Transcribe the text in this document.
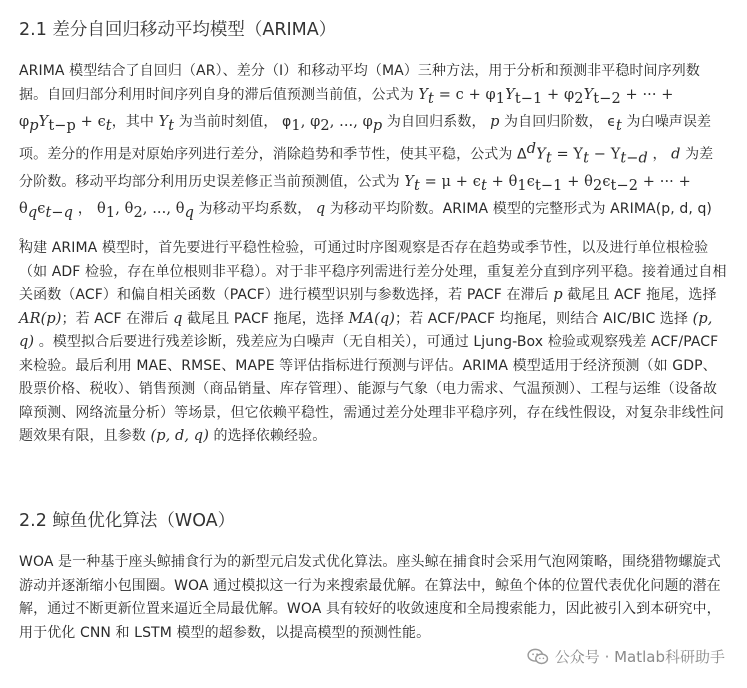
2.1 差分自回归移动平均模型（ARIMA）
ARIMA 模型结合了自回归（AR）、差分（I）和移动平均（MA）三种方法，用于分析和预测非平稳时间序列数据。自回归部分利用时间序列自身的滞后值预测当前值，公式为 $Y_t = c + \varphi_1Y_{t-1} + \varphi_2Y_{t-2}$ + ··· + $\varphi_pY_{t-p} + \epsilon_t$，其中 $Y_t$ 为当前时刻值， $\varphi_1$, $\varphi_2$, ..., $\varphi_p$ 为自回归系数， p 为自回归阶数， $\epsilon_t$ 为白噪声误差项。差分的作用是对原始序列进行差分，消除趋势和季节性，使其平稳，公式为 $\Delta^dY_t = Y_t - Y_{t-d}$ ， d 为差分阶数。移动平均部分利用历史误差修正当前预测值，公式为 $Y_t = \mu + \epsilon_t + \theta_1\epsilon_{t-1} + \theta_2\epsilon_{t-2}$ + ··· + $\theta_q\epsilon_{t-q}$ ， $\theta_1$, $\theta_2$, ..., $\theta_q$ 为移动平均系数， q 为移动平均阶数。ARIMA 模型的完整形式为 ARIMA(p, d, q) 。
构建 ARIMA 模型时，首先要进行平稳性检验，可通过时序图观察是否存在趋势或季节性，以及进行单位根检验（如 ADF 检验，存在单位根则非平稳）。对于非平稳序列需进行差分处理，重复差分直到序列平稳。接着通过自相关函数（ACF）和偏自相关函数（PACF）进行模型识别与参数选择，若 PACF 在滞后 p 截尾且 ACF 拖尾，选择 AR(p)；若 ACF 在滞后 q 截尾且 PACF 拖尾，选择 MA(q)；若 ACF/PACF 均拖尾，则结合 AIC/BIC 选择 (p, q) 。模型拟合后要进行残差诊断，残差应为白噪声（无自相关），可通过 Ljung-Box 检验或观察残差 ACF/PACF 来检验。最后利用 MAE、RMSE、MAPE 等评估指标进行预测与评估。ARIMA 模型适用于经济预测（如 GDP、股票价格、税收）、销售预测（商品销量、库存管理）、能源与气象（电力需求、气温预测）、工程与运维（设备故障预测、网络流量分析）等场景，但它依赖平稳性，需通过差分处理非平稳序列，存在线性假设，对复杂非线性问题效果有限，且参数 (p, d, q) 的选择依赖经验。
2.2 鲸鱼优化算法（WOA）
WOA 是一种基于座头鲸捕食行为的新型元启发式优化算法。座头鲸在捕食时会采用气泡网策略，围绕猎物螺旋式游动并逐渐缩小包围圈。WOA 通过模拟这一行为来搜索最优解。在算法中，鲸鱼个体的位置代表优化问题的潜在解，通过不断更新位置来逼近全局最优解。WOA 具有较好的收敛速度和全局搜索能力，因此被引入到本研究中，用于优化 CNN 和 LSTM 模型的超参数，以提高模型的预测性能。
公众号 · Matlab科研助手
